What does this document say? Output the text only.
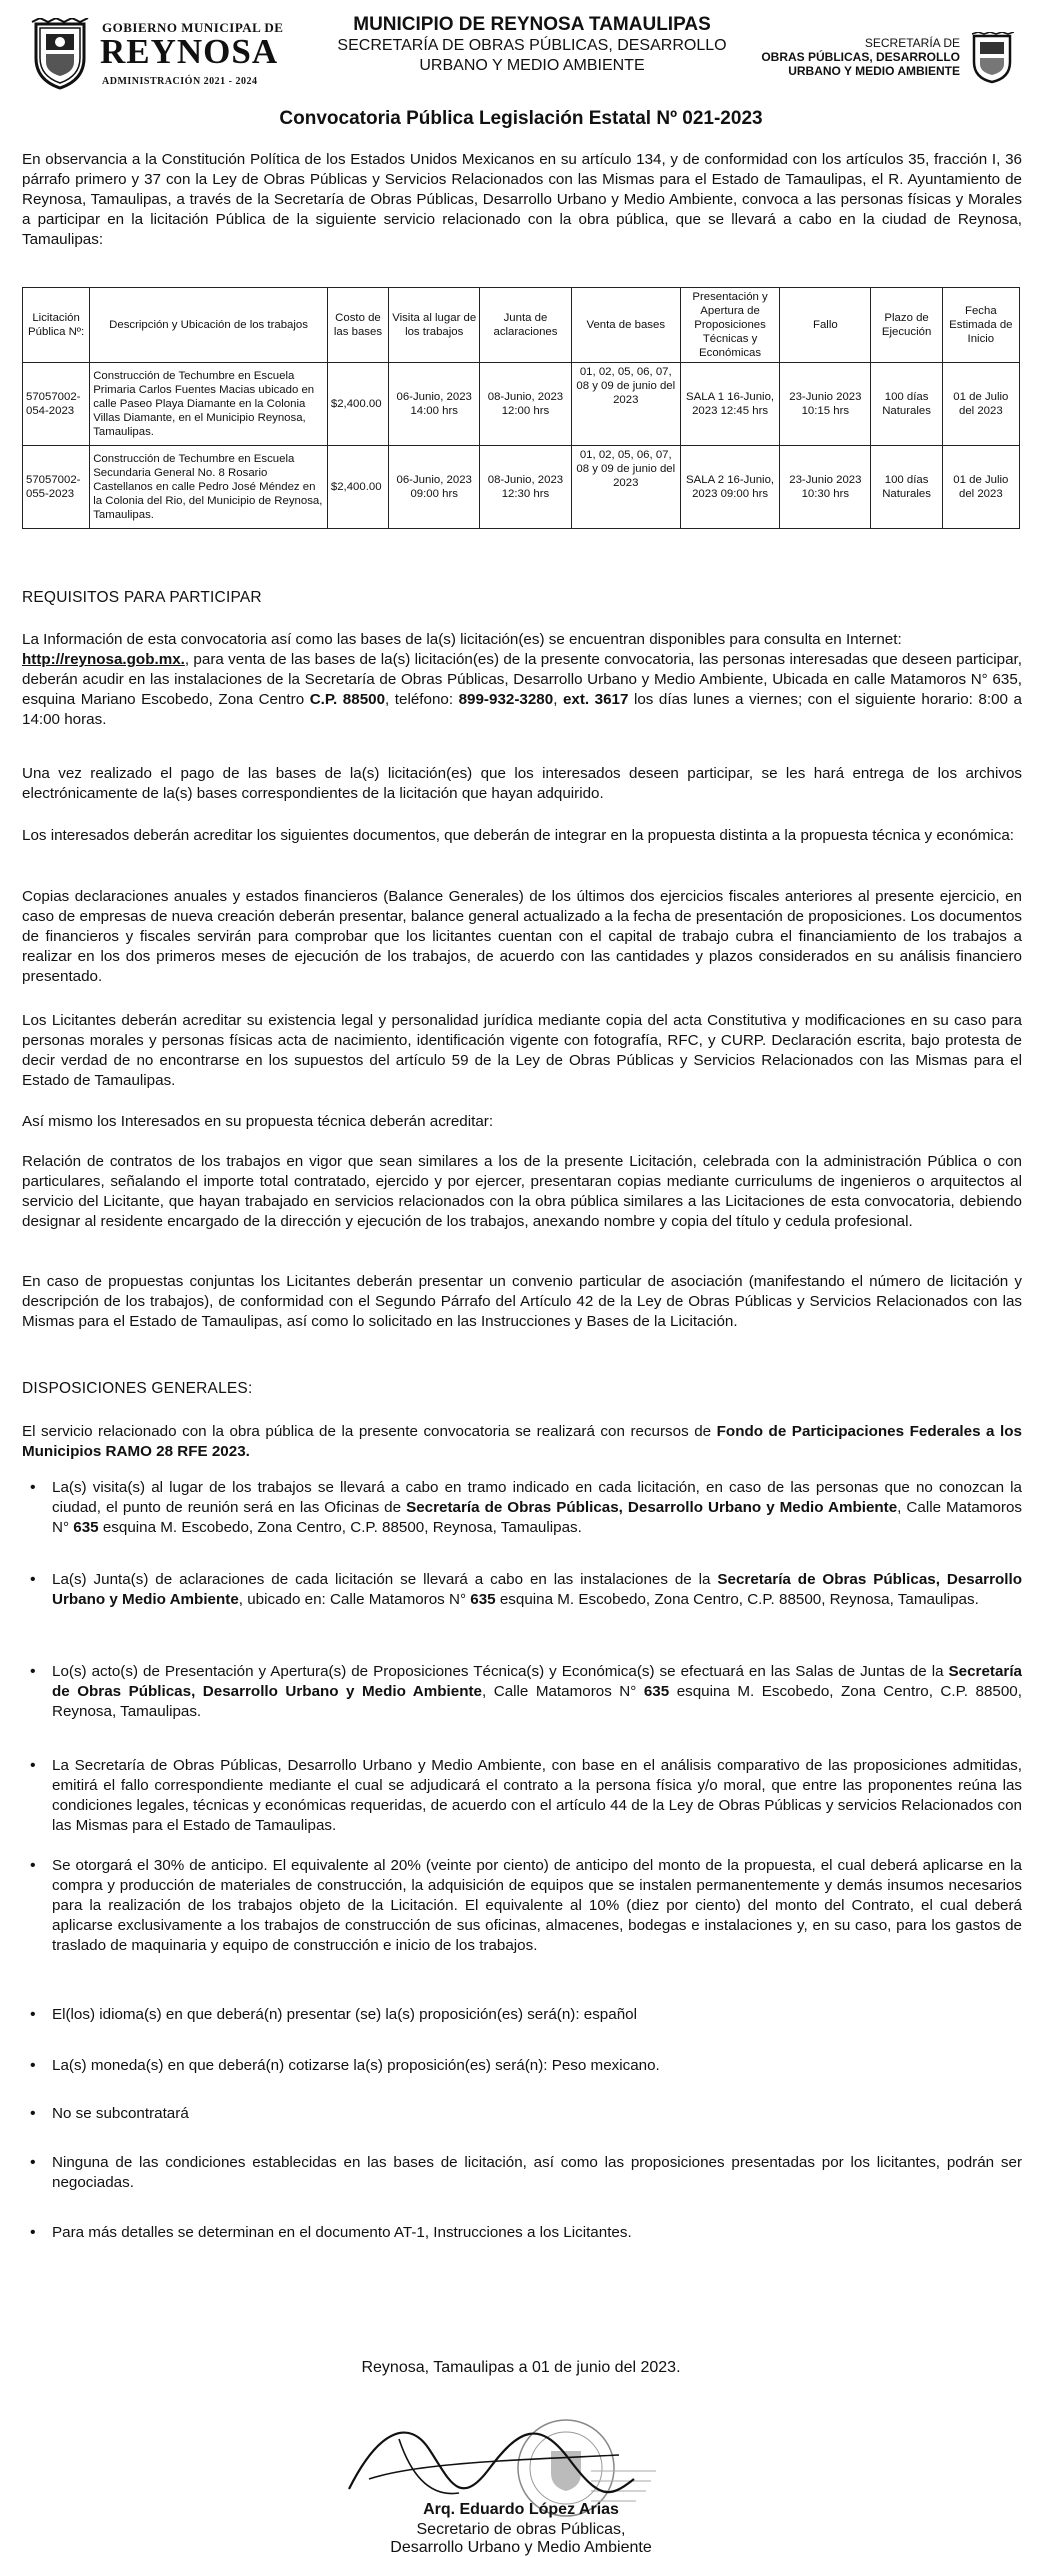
GOBIERNO MUNICIPAL DE
REYNOSA
ADMINISTRACIÓN 2021 - 2024
MUNICIPIO DE REYNOSA TAMAULIPAS
SECRETARÍA DE OBRAS PÚBLICAS, DESARROLLO URBANO Y MEDIO AMBIENTE
SECRETARÍA DE
OBRAS PÚBLICAS, DESARROLLO
URBANO Y MEDIO AMBIENTE
Convocatoria Pública Legislación Estatal Nº 021-2023
En observancia a la Constitución Política de los Estados Unidos Mexicanos en su artículo 134, y de conformidad con los artículos 35, fracción I, 36 párrafo primero y 37 con la Ley de Obras Públicas y Servicios Relacionados con las Mismas para el Estado de Tamaulipas, el R. Ayuntamiento de Reynosa, Tamaulipas, a través de la Secretaría de Obras Públicas, Desarrollo Urbano y Medio Ambiente, convoca a las personas físicas y Morales a participar en la licitación Pública de la siguiente servicio relacionado con la obra pública, que se llevará a cabo en la ciudad de Reynosa, Tamaulipas:
Licitación Pública Nº:	Descripción y Ubicación de los trabajos	Costo de las bases	Visita al lugar de los trabajos	Junta de aclaraciones	Venta de bases	Presentación y Apertura de Proposiciones Técnicas y Económicas	Fallo	Plazo de Ejecución	Fecha Estimada de Inicio
57057002-054-2023	Construcción de Techumbre en Escuela Primaria Carlos Fuentes Macias ubicado en calle Paseo Playa Diamante en la Colonia Villas Diamante, en el Municipio Reynosa, Tamaulipas.	$2,400.00	06-Junio, 2023 14:00 hrs	08-Junio, 2023 12:00 hrs	01, 02, 05, 06, 07, 08 y 09 de junio del 2023	SALA 1 16-Junio, 2023 12:45 hrs	23-Junio 2023 10:15 hrs	100 días Naturales	01 de Julio del 2023
57057002-055-2023	Construcción de Techumbre en Escuela Secundaria General No. 8 Rosario Castellanos en calle Pedro José Méndez en la Colonia del Rio, del Municipio de Reynosa, Tamaulipas.	$2,400.00	06-Junio, 2023 09:00 hrs	08-Junio, 2023 12:30 hrs	01, 02, 05, 06, 07, 08 y 09 de junio del 2023	SALA 2 16-Junio, 2023 09:00 hrs	23-Junio 2023 10:30 hrs	100 días Naturales	01 de Julio del 2023
REQUISITOS PARA PARTICIPAR
La Información de esta convocatoria así como las bases de la(s) licitación(es) se encuentran disponibles para consulta en Internet:
http://reynosa.gob.mx., para venta de las bases de la(s) licitación(es) de la presente convocatoria, las personas interesadas que deseen participar, deberán acudir en las instalaciones de la Secretaría de Obras Públicas, Desarrollo Urbano y Medio Ambiente, Ubicada en calle Matamoros N° 635, esquina Mariano Escobedo, Zona Centro C.P. 88500, teléfono: 899-932-3280, ext. 3617 los días lunes a viernes; con el siguiente horario: 8:00 a 14:00 horas.
Una vez realizado el pago de las bases de la(s) licitación(es) que los interesados deseen participar, se les hará entrega de los archivos electrónicamente de la(s) bases correspondientes de la licitación que hayan adquirido.
Los interesados deberán acreditar los siguientes documentos, que deberán de integrar en la propuesta distinta a la propuesta técnica y económica:
Copias declaraciones anuales y estados financieros (Balance Generales) de los últimos dos ejercicios fiscales anteriores al presente ejercicio, en caso de empresas de nueva creación deberán presentar, balance general actualizado a la fecha de presentación de proposiciones. Los documentos de financieros y fiscales servirán para comprobar que los licitantes cuentan con el capital de trabajo cubra el financiamiento de los trabajos a realizar en los dos primeros meses de ejecución de los trabajos, de acuerdo con las cantidades y plazos considerados en su análisis financiero presentado.
Los Licitantes deberán acreditar su existencia legal y personalidad jurídica mediante copia del acta Constitutiva y modificaciones en su caso para personas morales y personas físicas acta de nacimiento, identificación vigente con fotografía, RFC, y CURP. Declaración escrita, bajo protesta de decir verdad de no encontrarse en los supuestos del artículo 59 de la Ley de Obras Públicas y Servicios Relacionados con las Mismas para el Estado de Tamaulipas.
Así mismo los Interesados en su propuesta técnica deberán acreditar:
Relación de contratos de los trabajos en vigor que sean similares a los de la presente Licitación, celebrada con la administración Pública o con particulares, señalando el importe total contratado, ejercido y por ejercer, presentaran copias mediante curriculums de ingenieros o arquitectos al servicio del Licitante, que hayan trabajado en servicios relacionados con la obra pública similares a las Licitaciones de esta convocatoria, debiendo designar al residente encargado de la dirección y ejecución de los trabajos, anexando nombre y copia del título y cedula profesional.
En caso de propuestas conjuntas los Licitantes deberán presentar un convenio particular de asociación (manifestando el número de licitación y descripción de los trabajos), de conformidad con el Segundo Párrafo del Artículo 42 de la Ley de Obras Públicas y Servicios Relacionados con las Mismas para el Estado de Tamaulipas, así como lo solicitado en las Instrucciones y Bases de la Licitación.
DISPOSICIONES GENERALES:
El servicio relacionado con la obra pública de la presente convocatoria se realizará con recursos de Fondo de Participaciones Federales a los Municipios RAMO 28 RFE 2023.
• La(s) visita(s) al lugar de los trabajos se llevará a cabo en tramo indicado en cada licitación, en caso de las personas que no conozcan la ciudad, el punto de reunión será en las Oficinas de Secretaría de Obras Públicas, Desarrollo Urbano y Medio Ambiente, Calle Matamoros N° 635 esquina M. Escobedo, Zona Centro, C.P. 88500, Reynosa, Tamaulipas.
• La(s) Junta(s) de aclaraciones de cada licitación se llevará a cabo en las instalaciones de la Secretaría de Obras Públicas, Desarrollo Urbano y Medio Ambiente, ubicado en: Calle Matamoros N° 635 esquina M. Escobedo, Zona Centro, C.P. 88500, Reynosa, Tamaulipas.
• Lo(s) acto(s) de Presentación y Apertura(s) de Proposiciones Técnica(s) y Económica(s) se efectuará en las Salas de Juntas de la Secretaría de Obras Públicas, Desarrollo Urbano y Medio Ambiente, Calle Matamoros N° 635 esquina M. Escobedo, Zona Centro, C.P. 88500, Reynosa, Tamaulipas.
• La Secretaría de Obras Públicas, Desarrollo Urbano y Medio Ambiente, con base en el análisis comparativo de las proposiciones admitidas, emitirá el fallo correspondiente mediante el cual se adjudicará el contrato a la persona física y/o moral, que entre las proponentes reúna las condiciones legales, técnicas y económicas requeridas, de acuerdo con el artículo 44 de la Ley de Obras Públicas y servicios Relacionados con las Mismas para el Estado de Tamaulipas.
• Se otorgará el 30% de anticipo. El equivalente al 20% (veinte por ciento) de anticipo del monto de la propuesta, el cual deberá aplicarse en la compra y producción de materiales de construcción, la adquisición de equipos que se instalen permanentemente y demás insumos necesarios para la realización de los trabajos objeto de la Licitación. El equivalente al 10% (diez por ciento) del monto del Contrato, el cual deberá aplicarse exclusivamente a los trabajos de construcción de sus oficinas, almacenes, bodegas e instalaciones y, en su caso, para los gastos de traslado de maquinaria y equipo de construcción e inicio de los trabajos.
• El(los) idioma(s) en que deberá(n) presentar (se) la(s) proposición(es) será(n): español
• La(s) moneda(s) en que deberá(n) cotizarse la(s) proposición(es) será(n): Peso mexicano.
• No se subcontratará
• Ninguna de las condiciones establecidas en las bases de licitación, así como las proposiciones presentadas por los licitantes, podrán ser negociadas.
• Para más detalles se determinan en el documento AT-1, Instrucciones a los Licitantes.
Reynosa, Tamaulipas a 01 de junio del 2023.
Arq. Eduardo López Arias
Secretario de obras Públicas,
Desarrollo Urbano y Medio Ambiente
